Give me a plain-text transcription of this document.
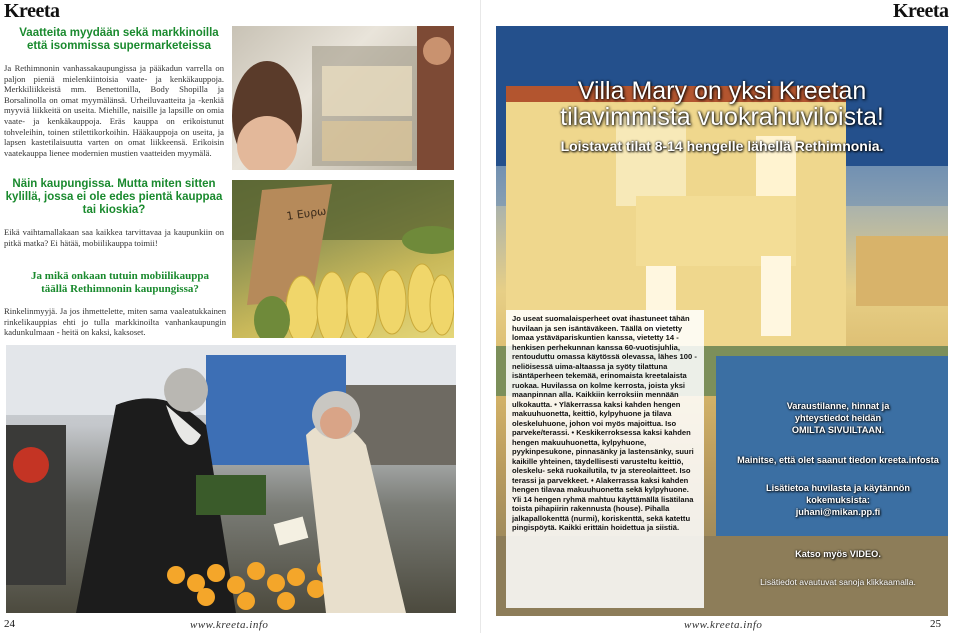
Kreeta
Vaatteita myydään sekä markkinoilla
että isommissa supermarketeissa
Ja Rethimnonin vanhassakaupungissa ja pääkadun varrella on paljon pieniä mielenkiintoisia vaate- ja kenkäkauppoja. Merkkiliikkeistä mm. Benettonilla, Body Shopilla ja Borsalinolla on omat myymälänsä. Urheiluvaatteita ja -kenkiä myyviä liikkeitä on useita. Miehille, naisille ja lapsille on omia vaate- ja kenkäkauppoja. Eräs kauppa on erikoistunut tohveleihin, toinen stilettikorkoihin. Hääkauppoja on useita, ja lapsen kastetilaisuutta varten on omat liikkeensä. Erikoisin vaatekauppa lienee modernien mustien vaatteiden myymälä.
Näin kaupungissa. Mutta miten sitten
kylillä, jossa ei ole edes pientä kauppaa
tai kioskia?
Eikä vaihtamallakaan saa kaikkea tarvittavaa ja kaupunkiin on pitkä matka? Ei hätää, mobiilikauppa toimii!
Ja mikä onkaan tutuin mobiilikauppa
täällä Rethimnonin kaupungissa?
Rinkelinmyyjä. Ja jos ihmettelette, miten sama vaaleatukkainen rinkelikauppias ehti jo tulla markkinoilta vanhankaupungin kadunkulmaan - heitä on kaksi, kaksoset.
1 Ευρω
24	www.kreeta.info
Kreeta
Villa Mary on yksi Kreetan
tilavimmista vuokrahuviloista!
Loistavat tilat 8-14 hengelle lähellä Rethimnonia.
Jo useat suomalaisperheet ovat ihastuneet tähän huvilaan ja sen isäntäväkeen. Täällä on vietetty lomaa ystäväpariskuntien kanssa, vietetty 14 -henkisen perhekunnan kanssa 60-vuotisjuhlia, rentouduttu omassa käytössä olevassa, lähes 100 -neliöisessä uima-altaassa ja syöty tilattuna isäntäperheen tekemää, erinomaista kreetalaista ruokaa. Huvilassa on kolme kerrosta, joista yksi maanpinnan alla. Kaikkiin kerroksiin mennään ulkokautta. • Yläkerrassa kaksi kahden hengen makuuhuonetta, keittiö, kylpyhuone ja tilava oleskeluhuone, johon voi myös majoittua. Iso parveke/terassi. • Keskikerroksessa kaksi kahden hengen makuuhuonetta, kylpyhuone, pyykinpesukone, pinnasänky ja lastensänky, suuri kaikille yhteinen, täydellisesti varusteltu keittiö, oleskelu- sekä ruokailutila, tv ja stereolaitteet. Iso terassi ja parvekkeet. • Alakerrassa kaksi kahden hengen tilavaa makuuhuonetta sekä kylpyhuone. Yli 14 hengen ryhmä mahtuu käyttämällä lisätilana toista pihapiirin rakennusta (house). Pihalla jalkapallokenttä (nurmi), koriskenttä, sekä katettu pingispöytä. Kaikki erittäin hoidettua ja siistiä.
Varaustilanne, hinnat ja
yhteystiedot heidän
OMILTA SIVUILTAAN.
Mainitse, että olet saanut tiedon kreeta.infosta
Lisätietoa huvilasta ja käytännön
kokemuksista:
juhani@mikan.pp.fi
Katso myös VIDEO.
Lisätiedot avautuvat sanoja klikkaamalla.
www.kreeta.info	25
